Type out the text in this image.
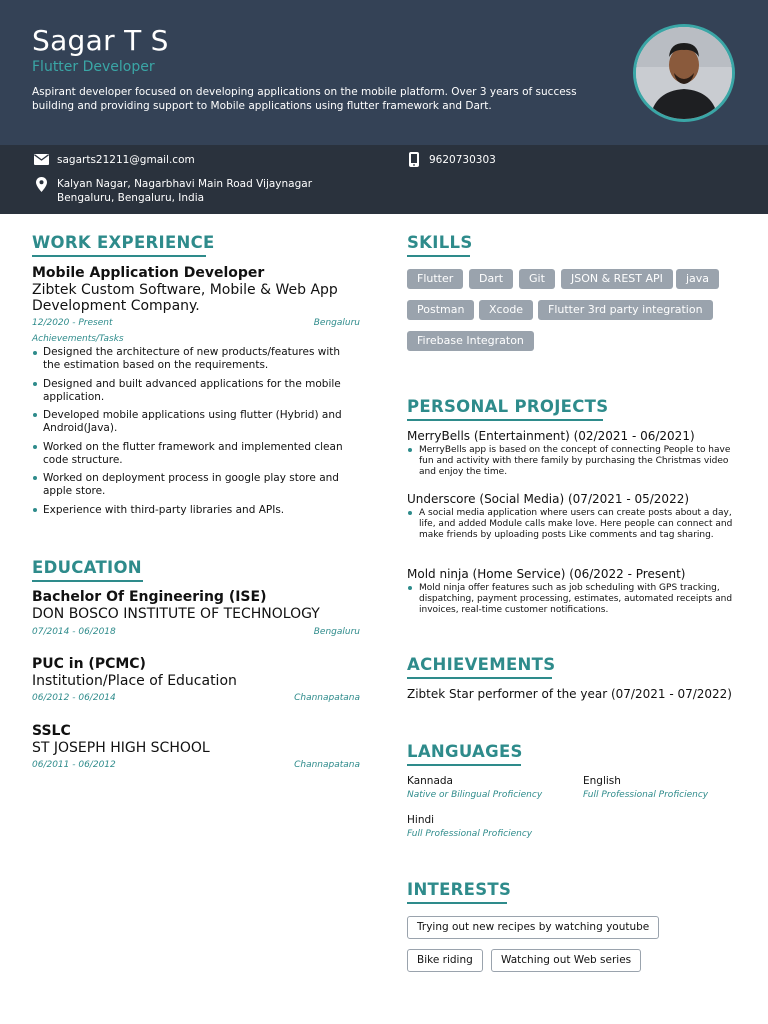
Sagar T S
Flutter Developer
Aspirant developer focused on developing applications on the mobile platform. Over 3 years of success building and providing support to Mobile applications using flutter framework and Dart.
sagarts21211@gmail.com	9620730303
Kalyan Nagar, Nagarbhavi Main Road Vijaynagar
Bengaluru, Bengaluru, India
WORK EXPERIENCE
Mobile Application Developer
Zibtek Custom Software, Mobile & Web App
Development Company.
12/2020 - Present	Bengaluru
Achievements/Tasks
Designed the architecture of new products/features with the estimation based on the requirements.
Designed and built advanced applications for the mobile application.
Developed mobile applications using flutter (Hybrid) and Android(Java).
Worked on the flutter framework and implemented clean code structure.
Worked on deployment process in google play store and apple store.
Experience with third-party libraries and APIs.
EDUCATION
Bachelor Of Engineering (ISE)
DON BOSCO INSTITUTE OF TECHNOLOGY
07/2014 - 06/2018	Bengaluru
PUC in (PCMC)
Institution/Place of Education
06/2012 - 06/2014	Channapatana
SSLC
ST JOSEPH HIGH SCHOOL
06/2011 - 06/2012	Channapatana
SKILLS
Flutter	Dart	Git	JSON & REST API	java
Postman	Xcode	Flutter 3rd party integration
Firebase Integraton
PERSONAL PROJECTS
MerryBells (Entertainment) (02/2021 - 06/2021)
MerryBells app is based on the concept of connecting People to have fun and activity with there family by purchasing the Christmas video and enjoy the time.
Underscore (Social Media) (07/2021 - 05/2022)
A social media application where users can create posts about a day, life, and added Module calls make love. Here people can connect and make friends by uploading posts Like comments and tag sharing.
Mold ninja (Home Service) (06/2022 - Present)
Mold ninja offer features such as job scheduling with GPS tracking, dispatching, payment processing, estimates, automated receipts and invoices, real-time customer notifications.
ACHIEVEMENTS
Zibtek Star performer of the year (07/2021 - 07/2022)
LANGUAGES
Kannada
Native or Bilingual Proficiency
English
Full Professional Proficiency
Hindi
Full Professional Proficiency
INTERESTS
Trying out new recipes by watching youtube
Bike riding	Watching out Web series
